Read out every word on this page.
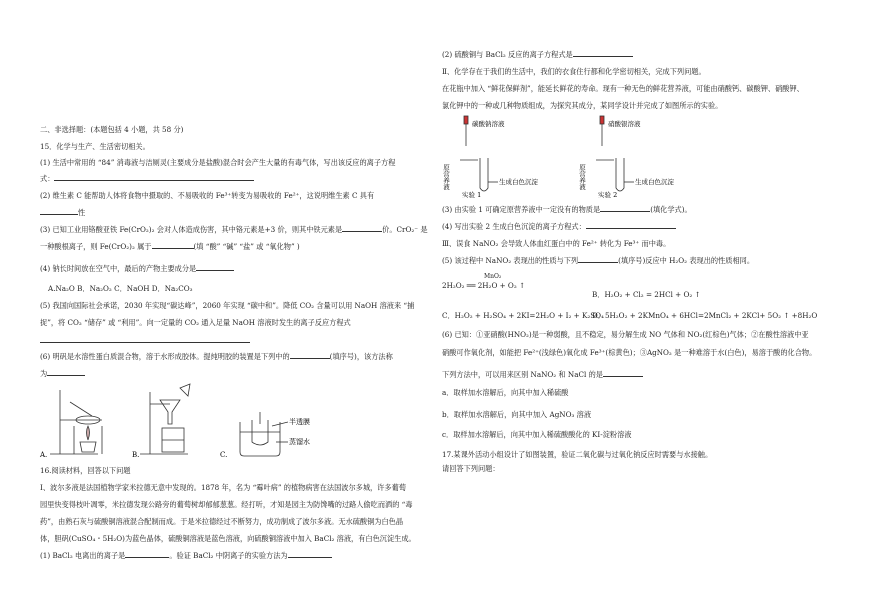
二、非选择题：(本题包括 4 小题，共 58 分)
15．化学与生产、生活密切相关。
(1) 生活中常用的 “84” 消毒液与洁厕灵(主要成分是盐酸)混合时会产生大量的有毒气体，写出该反应的离子方程
式：
(2) 维生素 C 能帮助人体将食物中摄取的、不易吸收的 Fe³⁺转变为易吸收的 Fe²⁺，这说明维生素 C 具有
性
(3) 已知工业用铬酸亚铁 Fe(CrO₂)₂ 会对人体造成伤害，其中铬元素是+3 价，则其中铁元素是	价。CrO₂⁻ 是
一种酸根离子，则 Fe(CrO₂)₂ 属于	(填 “酸” “碱” “盐” 或 “氧化物” )
(4) 钠长时间放在空气中，最后的产物主要成分是
A.Na₂O B．Na₂O₂ C．NaOH D．Na₂CO₃
(5) 我国向国际社会承诺，2030 年实现“碳达峰”，2060 年实现 “碳中和”。降低 CO₂ 含量可以用 NaOH 溶液来 “捕
捉”，将 CO₂ “储存” 或 “利用”。向一定量的 CO₂ 通入足量 NaOH 溶液时发生的离子反应方程式
(6) 明矾是水溶性蛋白质混合物，溶于水形成胶体。提纯明胶的装置是下列中的	(填序号)，该方法称
为
A.	B.	C.
半透膜
蒸馏水
16.阅读材料，回答以下问题
Ⅰ、波尔多液是法国植物学家米拉德无意中发现的。1878 年，名为 “霉叶病” 的植物病害在法国波尔多城，许多葡萄
园里快变得枝叶凋零，米拉德发现公路旁的葡萄树却郁郁葱葱。经打听，才知是园主为防馋嘴的过路人偷吃而洒的 “毒
药”，由熟石灰与硫酸铜溶液混合配制而成。于是米拉德经过不断努力，成功制成了波尔多液。无水硫酸铜为白色晶
体，胆矾(CuSO₄・5H₂O)为蓝色晶体，硫酸铜溶液是蓝色溶液，向硫酸铜溶液中加入 BaCl₂ 溶液，有白色沉淀生成。
(1) BaCl₂ 电离出的离子是	。验证 BaCl₂ 中阴离子的实验方法为
(2) 硫酸铜与 BaCl₂ 反应的离子方程式是
Ⅱ、化学存在于我们的生活中，我们的衣食住行都和化学密切相关，完成下列问题。
在花瓶中加入 “鲜花保鲜剂”，能延长鲜花的寿命。现有一种无色的鲜花营养液，可能由硝酸钙、碳酸钾、硝酸钾、
氯化钾中的一种或几种物质组成，为探究其成分，某同学设计并完成了如图所示的实验。
碳酸钠溶液
原营养液	生成白色沉淀
实验 1
硝酸银溶液
原营养液	生成白色沉淀
实验 2
(3) 由实验 1 可确定原营养液中一定没有的物质是	(填化学式)。
(4) 写出实验 2 生成白色沉淀的离子方程式：
Ⅲ、误食 NaNO₂ 会导致人体血红蛋白中的 Fe²⁺ 转化为 Fe³⁺ 而中毒。
(5) 该过程中 NaNO₂ 表现出的性质与下列	(填序号)反应中 H₂O₂ 表现出的性质相同。
MnO₂
2H₂O₂ ══ 2H₂O + O₂ ↑
B．H₂O₂ + Cl₂ = 2HCl + O₂ ↑
C．H₂O₂ + H₂SO₄ + 2KI=2H₂O + I₂ + K₂SO₄
D．5H₂O₂ + 2KMnO₄ + 6HCl=2MnCl₂ + 2KCl+ 5O₂ ↑ +8H₂O
(6) 已知：①亚硝酸(HNO₂)是一种弱酸，且不稳定，易分解生成 NO 气体和 NO₂(红棕色)气体；②在酸性溶液中亚
硝酸可作氧化剂，如能把 Fe²⁺(浅绿色)氧化成 Fe³⁺(棕黄色)；③AgNO₂ 是一种难溶于水(白色)，易溶于酸的化合物。
下列方法中，可以用来区别 NaNO₂ 和 NaCl 的是
a．取样加水溶解后，向其中加入稀硫酸
b．取样加水溶解后，向其中加入 AgNO₃ 溶液
c．取样加水溶解后，向其中加入稀硫酸酸化的 KI-淀粉溶液
17.某课外活动小组设计了如图装置，验证二氧化碳与过氧化钠反应时需要与水接触。
请回答下列问题：
